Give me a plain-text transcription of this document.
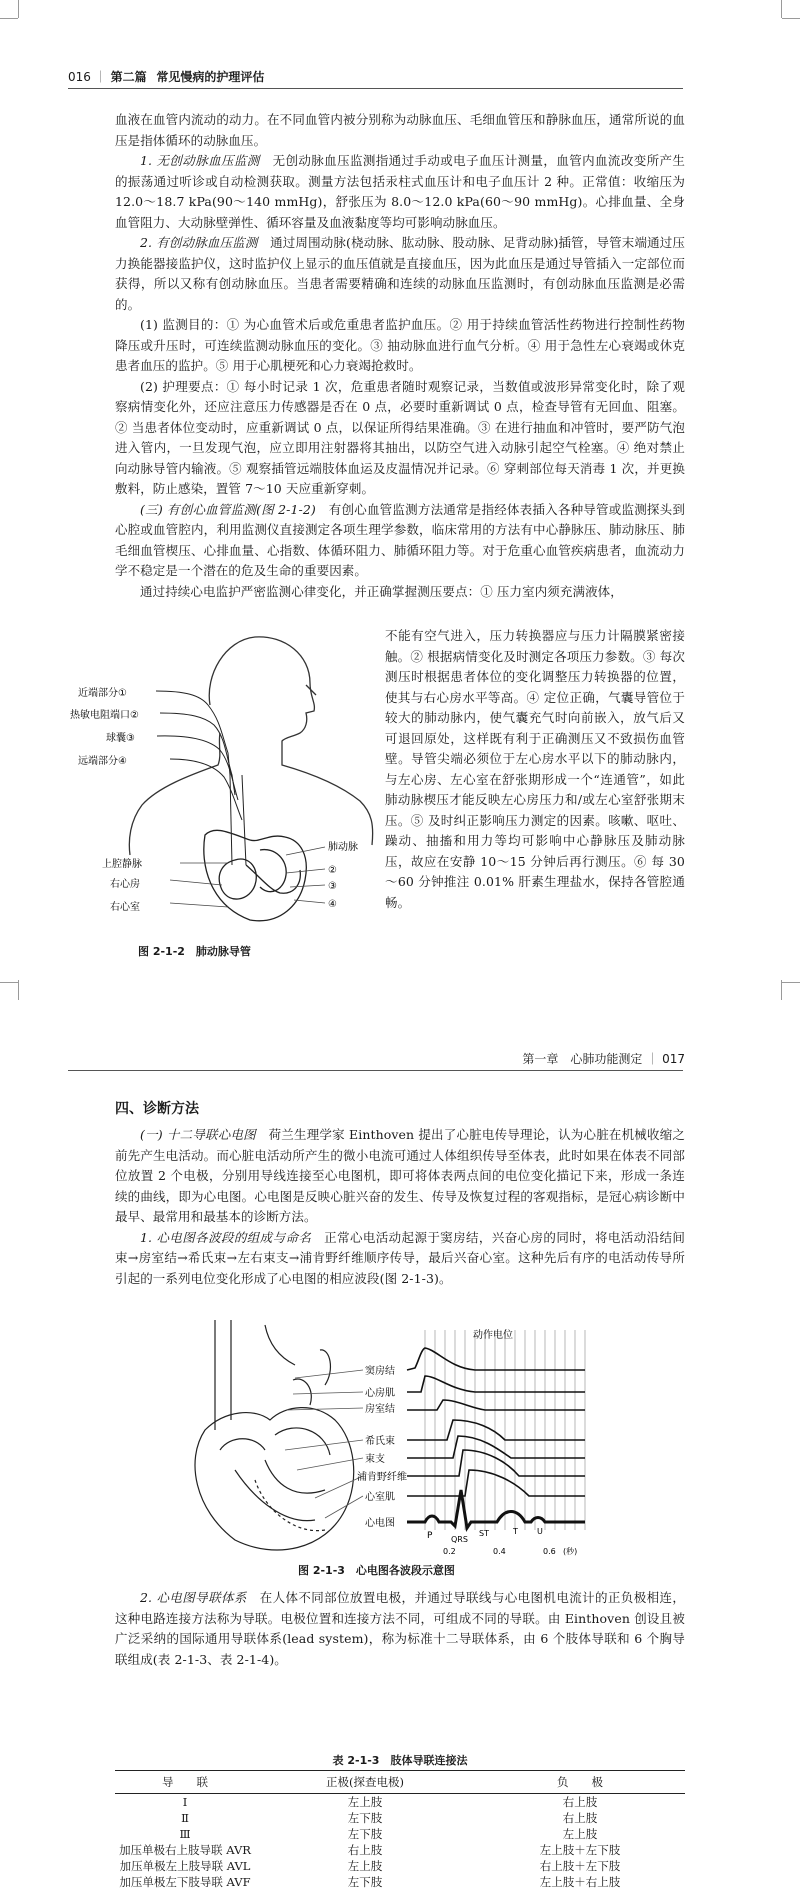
016 ｜ 第二篇 常见慢病的护理评估

血液在血管内流动的动力。在不同血管内被分别称为动脉血压、毛细血管压和静脉血压，通常所说的血压是指体循环的动脉血压。

1. 无创动脉血压监测　 无创动脉血压监测指通过手动或电子血压计测量，血管内血流改变所产生的振荡通过听诊或自动检测获取。测量方法包括汞柱式血压计和电子血压计 2 种。正常值：收缩压为 12.0～18.7 kPa(90～140 mmHg)，舒张压为 8.0～12.0 kPa(60～90 mmHg)。心排血量、全身血管阻力、大动脉壁弹性、循环容量及血液黏度等均可影响动脉血压。

2. 有创动脉血压监测　 通过周围动脉(桡动脉、肱动脉、股动脉、足背动脉)插管，导管末端通过压力换能器接监护仪，这时监护仪上显示的血压值就是直接血压，因为此血压是通过导管插入一定部位而获得，所以又称有创动脉血压。当患者需要精确和连续的动脉血压监测时，有创动脉血压监测是必需的。

(1) 监测目的：① 为心血管术后或危重患者监护血压。② 用于持续血管活性药物进行控制性药物降压或升压时，可连续监测动脉血压的变化。③ 抽动脉血进行血气分析。④ 用于急性左心衰竭或休克患者血压的监护。⑤ 用于心肌梗死和心力衰竭抢救时。

(2) 护理要点：① 每小时记录 1 次，危重患者随时观察记录，当数值或波形异常变化时，除了观察病情变化外，还应注意压力传感器是否在 0 点，必要时重新调试 0 点，检查导管有无回血、阻塞。② 当患者体位变动时，应重新调试 0 点，以保证所得结果准确。③ 在进行抽血和冲管时，要严防气泡进入管内，一旦发现气泡，应立即用注射器将其抽出，以防空气进入动脉引起空气栓塞。④ 绝对禁止向动脉导管内输液。⑤ 观察插管远端肢体血运及皮温情况并记录。⑥ 穿刺部位每天消毒 1 次，并更换敷料，防止感染，置管 7～10 天应重新穿刺。

(三) 有创心血管监测(图 2-1-2)　 有创心血管监测方法通常是指经体表插入各种导管或监测探头到心腔或血管腔内，利用监测仪直接测定各项生理学参数，临床常用的方法有中心静脉压、肺动脉压、肺毛细血管楔压、心排血量、心指数、体循环阻力、肺循环阻力等。对于危重心血管疾病患者，血流动力学不稳定是一个潜在的危及生命的重要因素。

通过持续心电监护严密监测心律变化，并正确掌握测压要点：① 压力室内须充满液体，

不能有空气进入，压力转换器应与压力计隔膜紧密接触。② 根据病情变化及时测定各项压力参数。③ 每次测压时根据患者体位的变化调整压力转换器的位置，使其与右心房水平等高。④ 定位正确，气囊导管位于较大的肺动脉内，使气囊充气时向前嵌入，放气后又可退回原处，这样既有利于正确测压又不致损伤血管壁。导管尖端必须位于左心房水平以下的肺动脉内，与左心房、左心室在舒张期形成一个“连通管”，如此肺动脉楔压才能反映左心房压力和/或左心室舒张期末压。⑤ 及时纠正影响压力测定的因素。咳嗽、呕吐、躁动、抽搐和用力等均可影响中心静脉压及肺动脉压，故应在安静 10～15 分钟后再行测压。⑥ 每 30～60 分钟推注 0.01% 肝素生理盐水，保持各管腔通畅。

近端部分①
热敏电阻端口②
球囊③
远端部分④
上腔静脉
右心房
右心室
肺动脉
②
③
④
图 2-1-2　肺动脉导管
第一章　心肺功能测定 ｜ 017
四、诊断方法

(一) 十二导联心电图　 荷兰生理学家 Einthoven 提出了心脏电传导理论，认为心脏在机械收缩之前先产生电活动。而心脏电活动所产生的微小电流可通过人体组织传导至体表，此时如果在体表不同部位放置 2 个电极，分别用导线连接至心电图机，即可将体表两点间的电位变化描记下来，形成一条连续的曲线，即为心电图。心电图是反映心脏兴奋的发生、传导及恢复过程的客观指标，是冠心病诊断中最早、最常用和最基本的诊断方法。

1. 心电图各波段的组成与命名　 正常心电活动起源于窦房结，兴奋心房的同时，将电活动沿结间束→房室结→希氏束→左右束支→浦肯野纤维顺序传导，最后兴奋心室。这种先后有序的电活动传导所引起的一系列电位变化形成了心电图的相应波段(图 2-1-3)。

窦房结
心房肌
房室结
希氏束
束支
浦肯野纤维
心室肌
心电图
动作电位
P QRS
ST	T U
0.2	0.4	0.6 (秒)
图 2-1-3　心电图各波段示意图

2. 心电图导联体系　 在人体不同部位放置电极，并通过导联线与心电图机电流计的正负极相连，这种电路连接方法称为导联。电极位置和连接方法不同，可组成不同的导联。由 Einthoven 创设且被广泛采纳的国际通用导联体系(lead system)，称为标准十二导联体系，由 6 个肢体导联和 6 个胸导联组成(表 2-1-3、表 2-1-4)。

表 2-1-3　肢体导联连接法
导　　联	正极(探查电极)	负　　极
Ⅰ	左上肢	右上肢
Ⅱ	左下肢	右上肢
Ⅲ	左下肢	左上肢
加压单极右上肢导联 AVR	右上肢	左上肢＋左下肢
加压单极左上肢导联 AVL	左上肢	右上肢＋左下肢
加压单极左下肢导联 AVF	左下肢	左上肢＋右上肢
